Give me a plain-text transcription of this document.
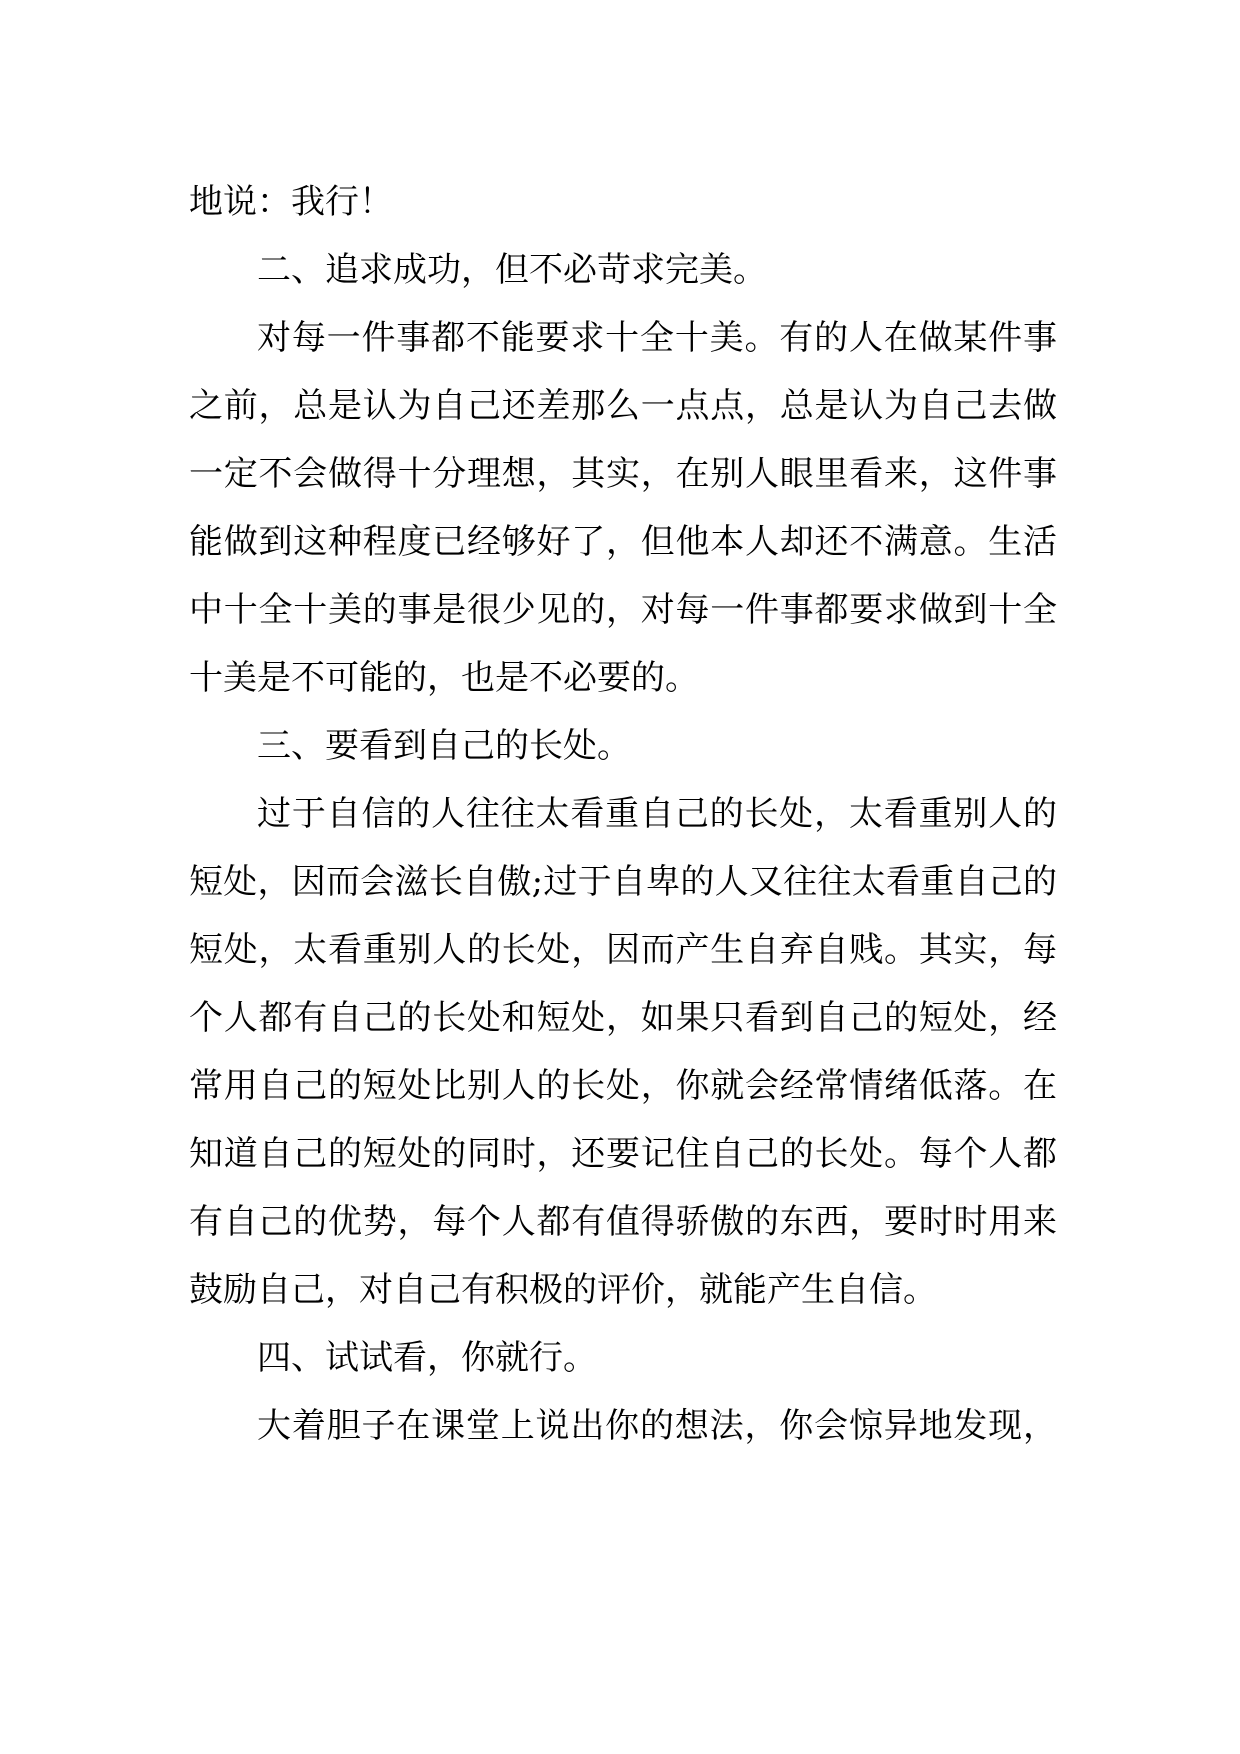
地说：我行！
二、追求成功，但不必苛求完美。
对每一件事都不能要求十全十美。有的人在做某件事
之前，总是认为自己还差那么一点点，总是认为自己去做
一定不会做得十分理想，其实，在别人眼里看来，这件事
能做到这种程度已经够好了，但他本人却还不满意。生活
中十全十美的事是很少见的，对每一件事都要求做到十全
十美是不可能的，也是不必要的。
三、要看到自己的长处。
过于自信的人往往太看重自己的长处，太看重别人的
短处，因而会滋长自傲;过于自卑的人又往往太看重自己的
短处，太看重别人的长处，因而产生自弃自贱。其实，每
个人都有自己的长处和短处，如果只看到自己的短处，经
常用自己的短处比别人的长处，你就会经常情绪低落。在
知道自己的短处的同时，还要记住自己的长处。每个人都
有自己的优势，每个人都有值得骄傲的东西，要时时用来
鼓励自己，对自己有积极的评价，就能产生自信。
四、试试看，你就行。
大着胆子在课堂上说出你的想法，你会惊异地发现，
